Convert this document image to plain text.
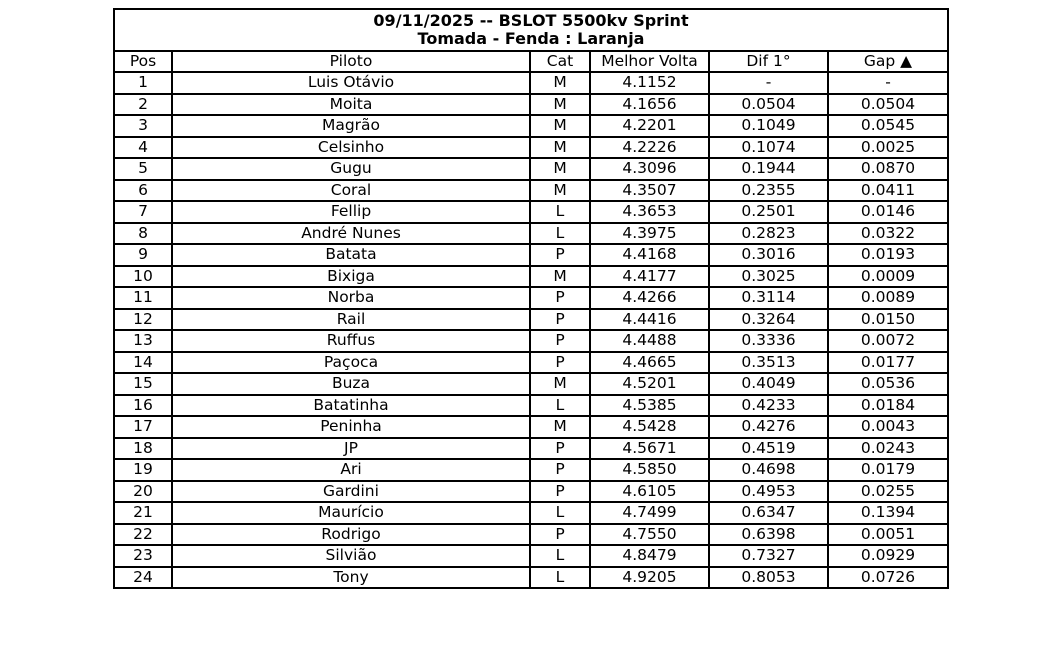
09/11/2025 -- BSLOT 5500kv Sprint
Tomada - Fenda : Laranja					

Pos	Piloto	Cat	Melhor Volta	Dif 1°	Gap ▲
1	Luis Otávio	M	4.1152	-	-
2	Moita	M	4.1656	0.0504	0.0504
3	Magrão	M	4.2201	0.1049	0.0545
4	Celsinho	M	4.2226	0.1074	0.0025
5	Gugu	M	4.3096	0.1944	0.0870
6	Coral	M	4.3507	0.2355	0.0411
7	Fellip	L	4.3653	0.2501	0.0146
8	André Nunes	L	4.3975	0.2823	0.0322
9	Batata	P	4.4168	0.3016	0.0193
10	Bixiga	M	4.4177	0.3025	0.0009
11	Norba	P	4.4266	0.3114	0.0089
12	Rail	P	4.4416	0.3264	0.0150
13	Ruffus	P	4.4488	0.3336	0.0072
14	Paçoca	P	4.4665	0.3513	0.0177
15	Buza	M	4.5201	0.4049	0.0536
16	Batatinha	L	4.5385	0.4233	0.0184
17	Peninha	M	4.5428	0.4276	0.0043
18	JP	P	4.5671	0.4519	0.0243
19	Ari	P	4.5850	0.4698	0.0179
20	Gardini	P	4.6105	0.4953	0.0255
21	Maurício	L	4.7499	0.6347	0.1394
22	Rodrigo	P	4.7550	0.6398	0.0051
23	Silvião	L	4.8479	0.7327	0.0929
24	Tony	L	4.9205	0.8053	0.0726
